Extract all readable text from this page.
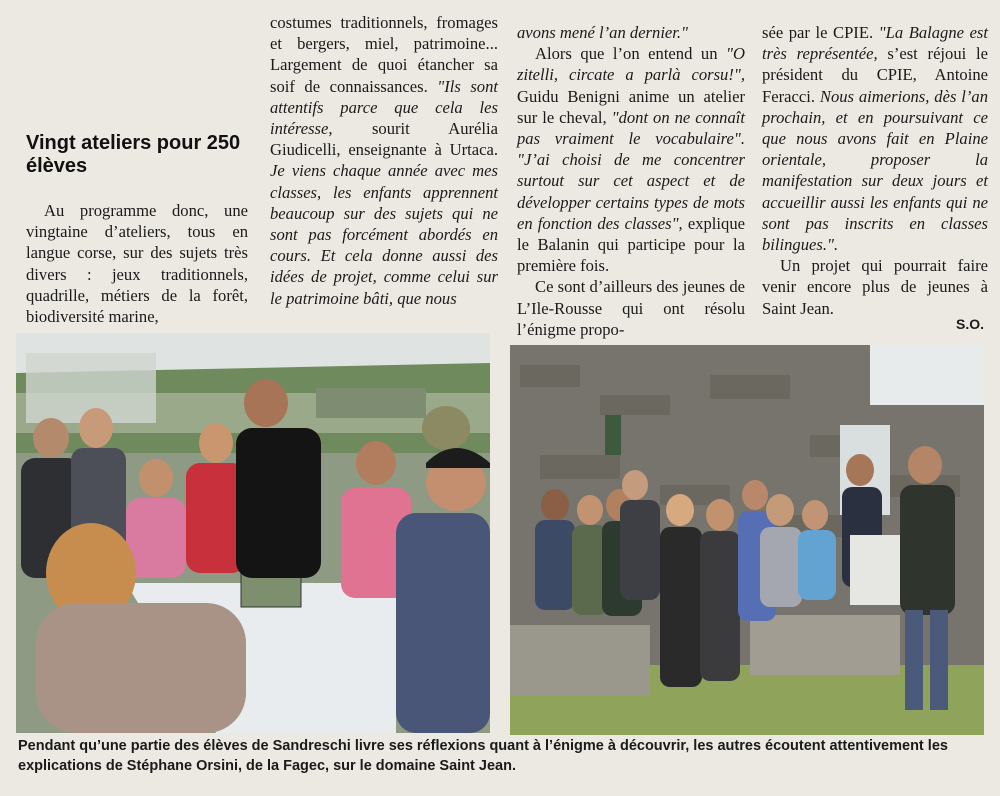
Vingt ateliers pour 250 élèves

Au programme donc, une vingtaine d’ateliers, tous en langue corse, sur des sujets très divers : jeux traditionnels, quadrille, métiers de la forêt, biodiversité marine,

costumes traditionnels, fromages et bergers, miel, patrimoine... Largement de quoi étancher sa soif de connaissances. "Ils sont attentifs parce que cela les intéresse, sourit Aurélia Giudicelli, enseignante à Urtaca. Je viens chaque année avec mes classes, les enfants apprennent beaucoup sur des sujets qui ne sont pas forcément abordés en cours. Et cela donne aussi des idées de projet, comme celui sur le patrimoine bâti, que nous

avons mené l’an dernier."

Alors que l’on entend un "O zitelli, circate a parlà corsu!", Guidu Benigni anime un atelier sur le cheval, "dont on ne connaît pas vraiment le vocabulaire". "J’ai choisi de me concentrer surtout sur cet aspect et de développer certains types de mots en fonction des classes", explique le Balanin qui participe pour la première fois.

Ce sont d’ailleurs des jeunes de L’Ile-Rousse qui ont résolu l’énigme propo-

sée par le CPIE. "La Balagne est très représentée, s’est réjoui le président du CPIE, Antoine Feracci. Nous aimerions, dès l’an prochain, et en poursuivant ce que nous avons fait en Plaine orientale, proposer la manifestation sur deux jours et accueillir aussi les enfants qui ne sont pas inscrits en classes bilingues.".

Un projet qui pourrait faire venir encore plus de jeunes à Saint Jean.

S.O.
Pendant qu’une partie des élèves de Sandreschi livre ses réflexions quant à l’énigme à découvrir, les autres écoutent attentivement les explications de Stéphane Orsini, de la Fagec, sur le domaine Saint Jean.
